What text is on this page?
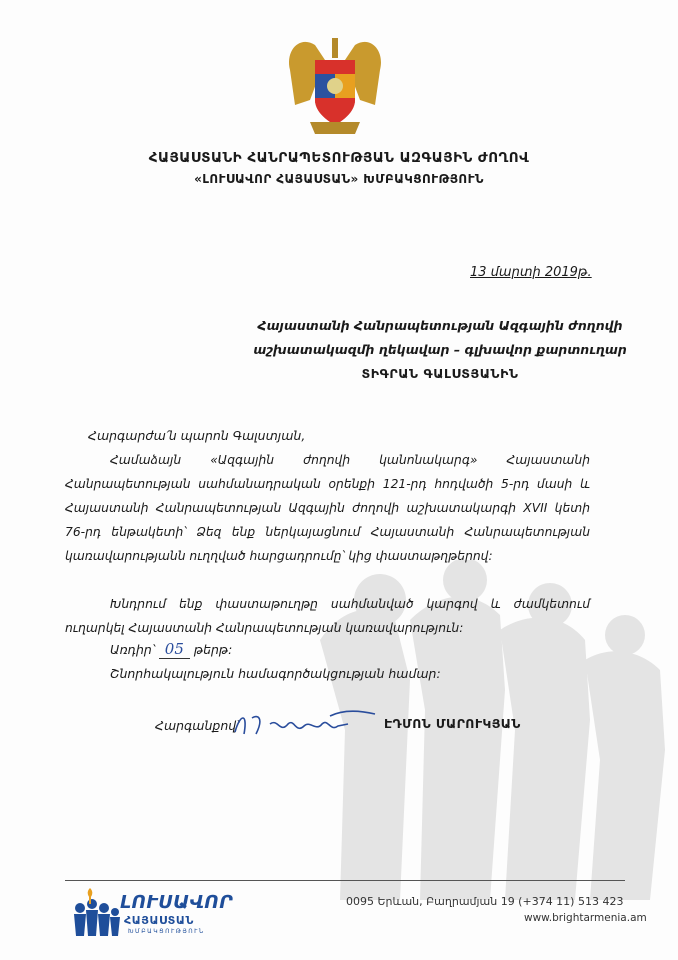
ՀԱՅԱՍՏԱՆԻ ՀԱՆՐԱՊԵՏՈՒԹՅԱՆ ԱԶԳԱՅԻՆ ԺՈՂՈՎ
«ԼՈՒՍԱՎՈՐ ՀԱՅԱՍՏԱՆ» ԽՄԲԱԿՑՈՒԹՅՈՒՆ
13 մարտի 2019թ.
Հայաստանի Հանրապետության Ազգային ժողովի
աշխատակազմի ղեկավար – գլխավոր քարտուղար
ՏԻԳՐԱՆ ԳԱԼՍՏՅԱՆԻՆ
Հարգարժա՛ն պարոն Գալստյան,
Համաձայն «Ազգային ժողովի կանոնակարգ» Հայաստանի Հանրապետության սահմանադրական օրենքի 121-րդ հոդվածի 5-րդ մասի և Հայաստանի Հանրապետության Ազգային ժողովի աշխատակարգի XVII կետի 76-րդ ենթակետի՝ Ձեզ ենք ներկայացնում Հայաստանի Հանրապետության կառավարությանն ուղղված հարցադրումը՝ կից փաստաթղթերով:
Խնդրում ենք փաստաթուղթը սահմանված կարգով և ժամկետում ուղարկել Հայաստանի Հանրապետության կառավարություն:
Առդիր՝ 05 թերթ:
Շնորհակալություն համագործակցության համար:
Հարգանքով՝	ԷԴՄՈՆ ՄԱՐՈՒԿՅԱՆ
ԼՈՒՍԱՎՈՐ
ՀԱՅԱՍՏԱՆ
ԽՄԲԱԿՑՈՒԹՅՈՒՆ
0095 Երևան, Բաղրամյան 19 (+374 11) 513 423
www.brightarmenia.am
